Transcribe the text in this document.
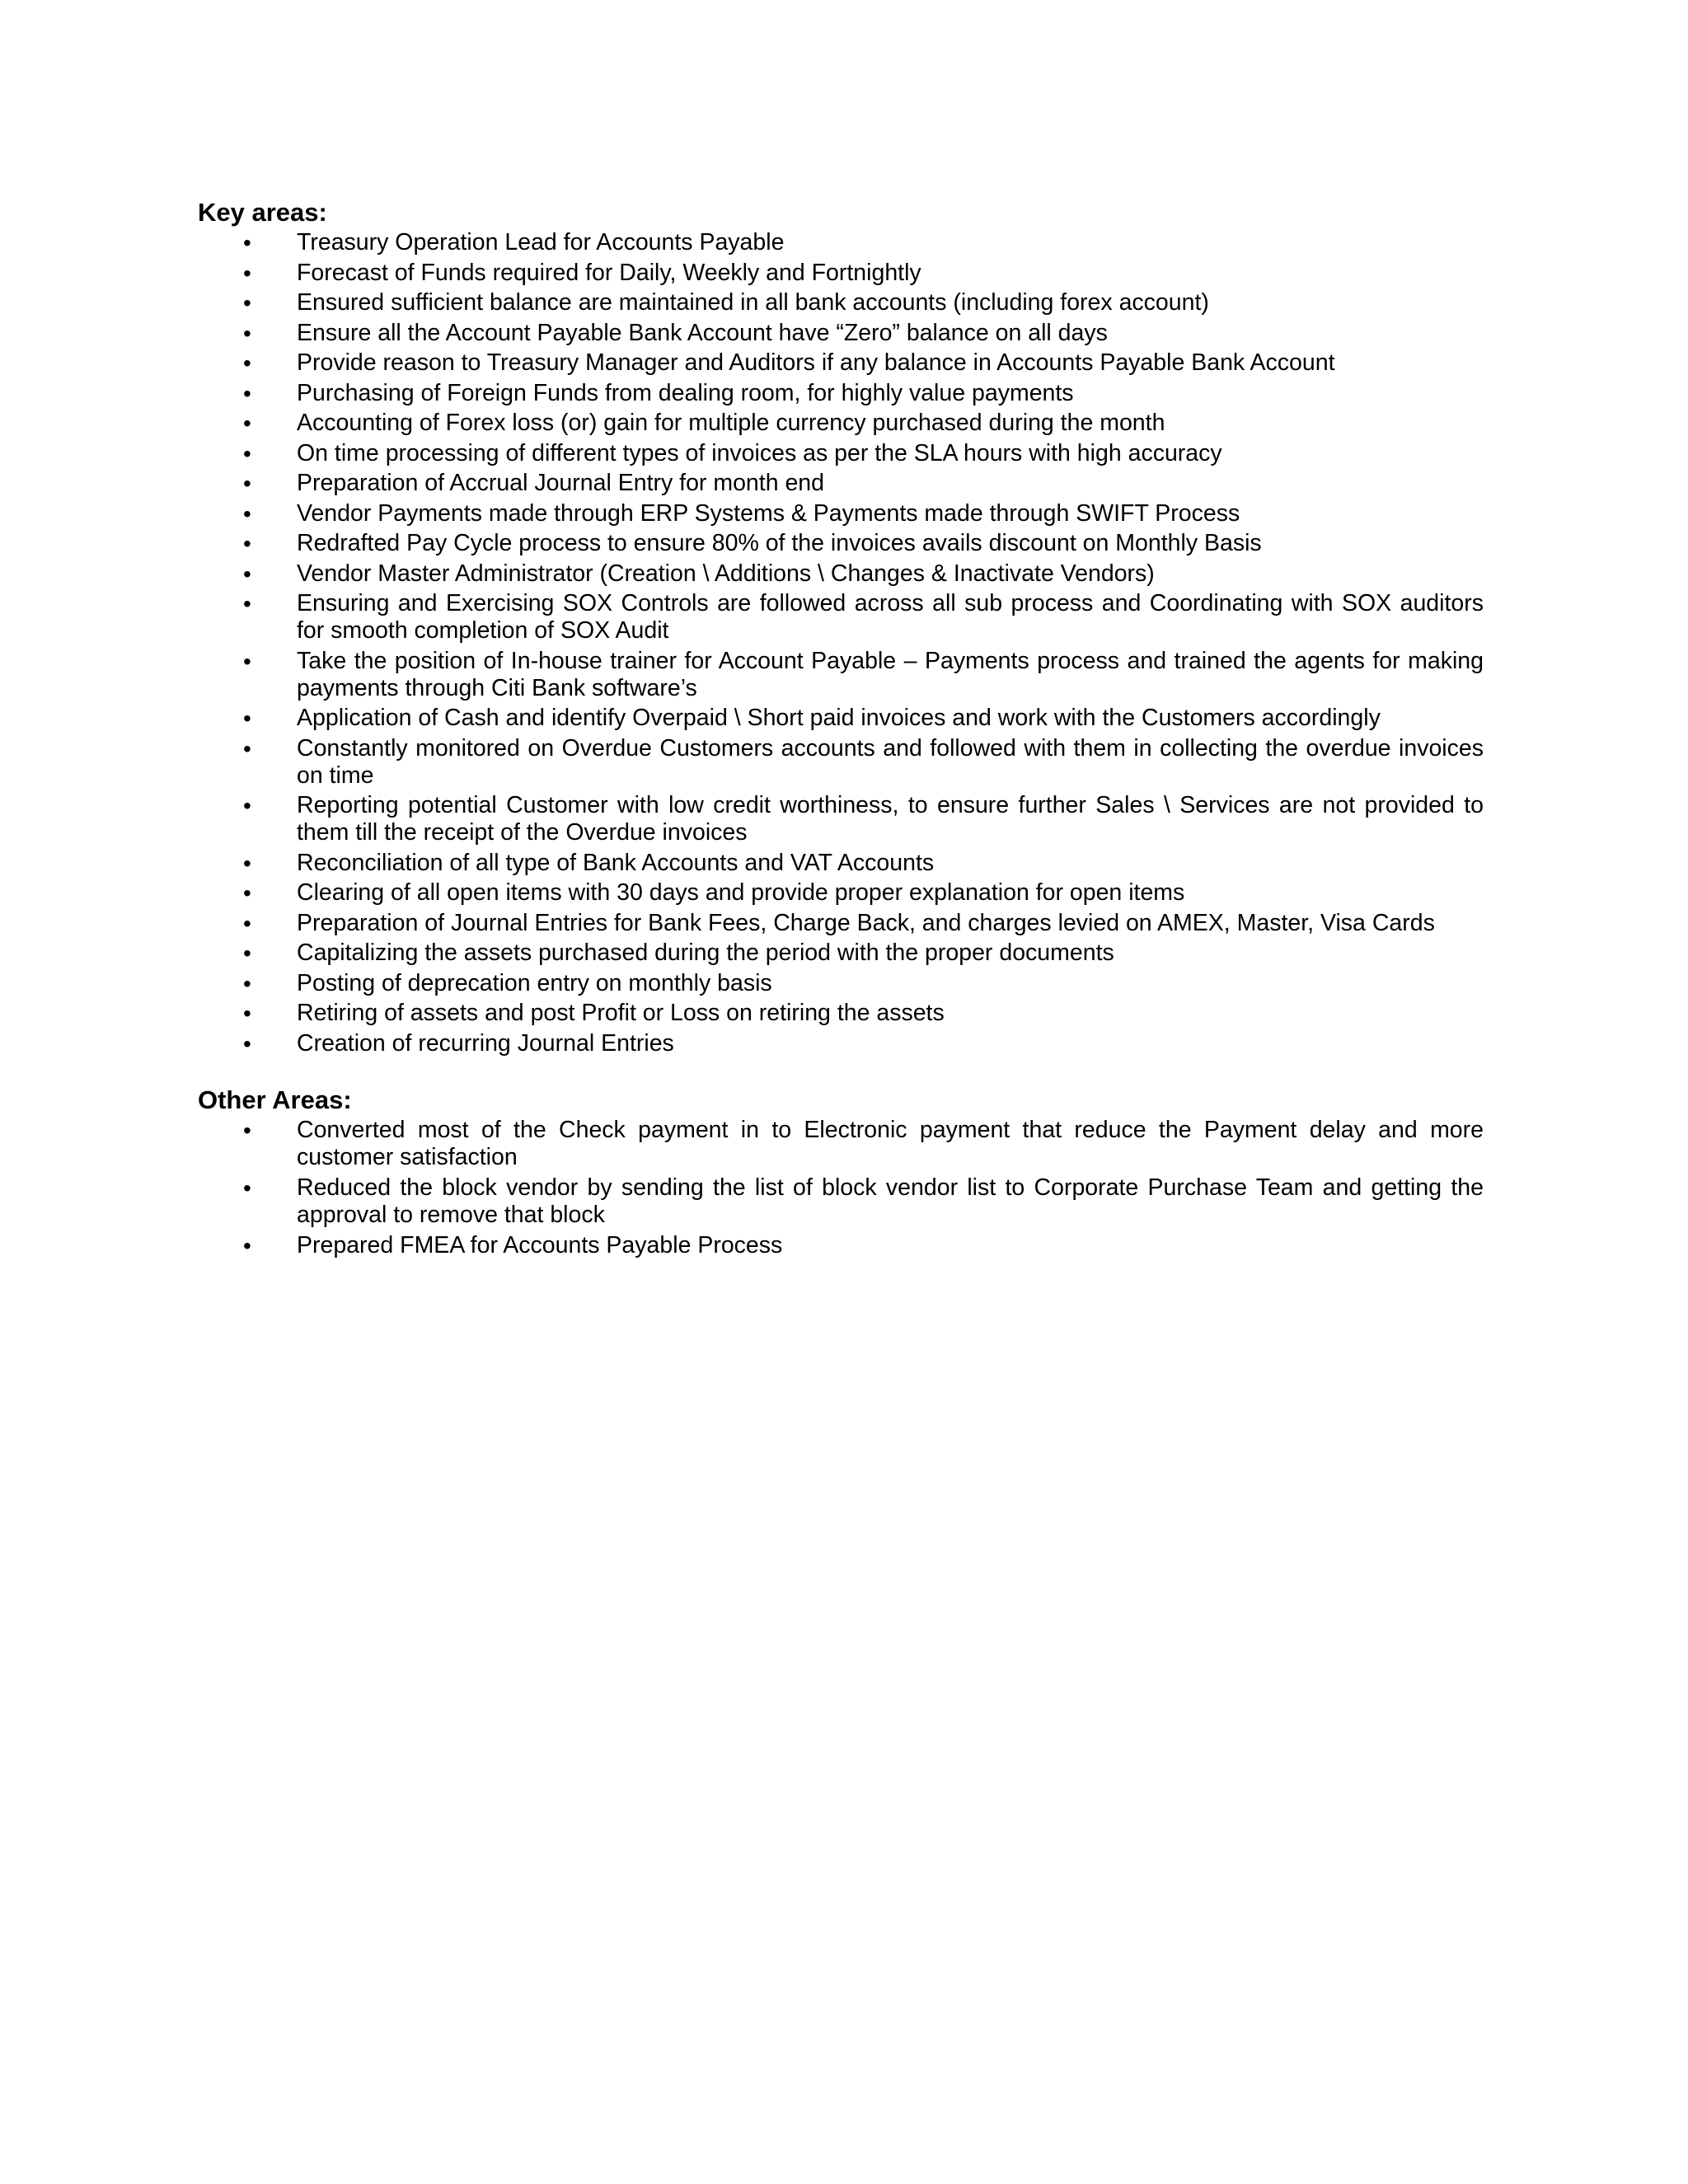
Key areas:
• Treasury Operation Lead for Accounts Payable
• Forecast of Funds required for Daily, Weekly and Fortnightly
• Ensured sufficient balance are maintained in all bank accounts (including forex account)
• Ensure all the Account Payable Bank Account have “Zero” balance on all days
• Provide reason to Treasury Manager and Auditors if any balance in Accounts Payable Bank Account
• Purchasing of Foreign Funds from dealing room, for highly value payments
• Accounting of Forex loss (or) gain for multiple currency purchased during the month
• On time processing of different types of invoices as per the SLA hours with high accuracy
• Preparation of Accrual Journal Entry for month end
• Vendor Payments made through ERP Systems & Payments made through SWIFT Process
• Redrafted Pay Cycle process to ensure 80% of the invoices avails discount on Monthly Basis
• Vendor Master Administrator (Creation \ Additions \ Changes & Inactivate Vendors)
• Ensuring and Exercising SOX Controls are followed across all sub process and Coordinating with SOX auditors for smooth completion of SOX Audit
• Take the position of In-house trainer for Account Payable – Payments process and trained the agents for making payments through Citi Bank software’s
• Application of Cash and identify Overpaid \ Short paid invoices and work with the Customers accordingly
• Constantly monitored on Overdue Customers accounts and followed with them in collecting the overdue invoices on time
• Reporting potential Customer with low credit worthiness, to ensure further Sales \ Services are not provided to them till the receipt of the Overdue invoices
• Reconciliation of all type of Bank Accounts and VAT Accounts
• Clearing of all open items with 30 days and provide proper explanation for open items
• Preparation of Journal Entries for Bank Fees, Charge Back, and charges levied on AMEX, Master, Visa Cards
• Capitalizing the assets purchased during the period with the proper documents
• Posting of deprecation entry on monthly basis
• Retiring of assets and post Profit or Loss on retiring the assets
• Creation of recurring Journal Entries
Other Areas:
• Converted most of the Check payment in to Electronic payment that reduce the Payment delay and more customer satisfaction
• Reduced the block vendor by sending the list of block vendor list to Corporate Purchase Team and getting the approval to remove that block
• Prepared FMEA for Accounts Payable Process
